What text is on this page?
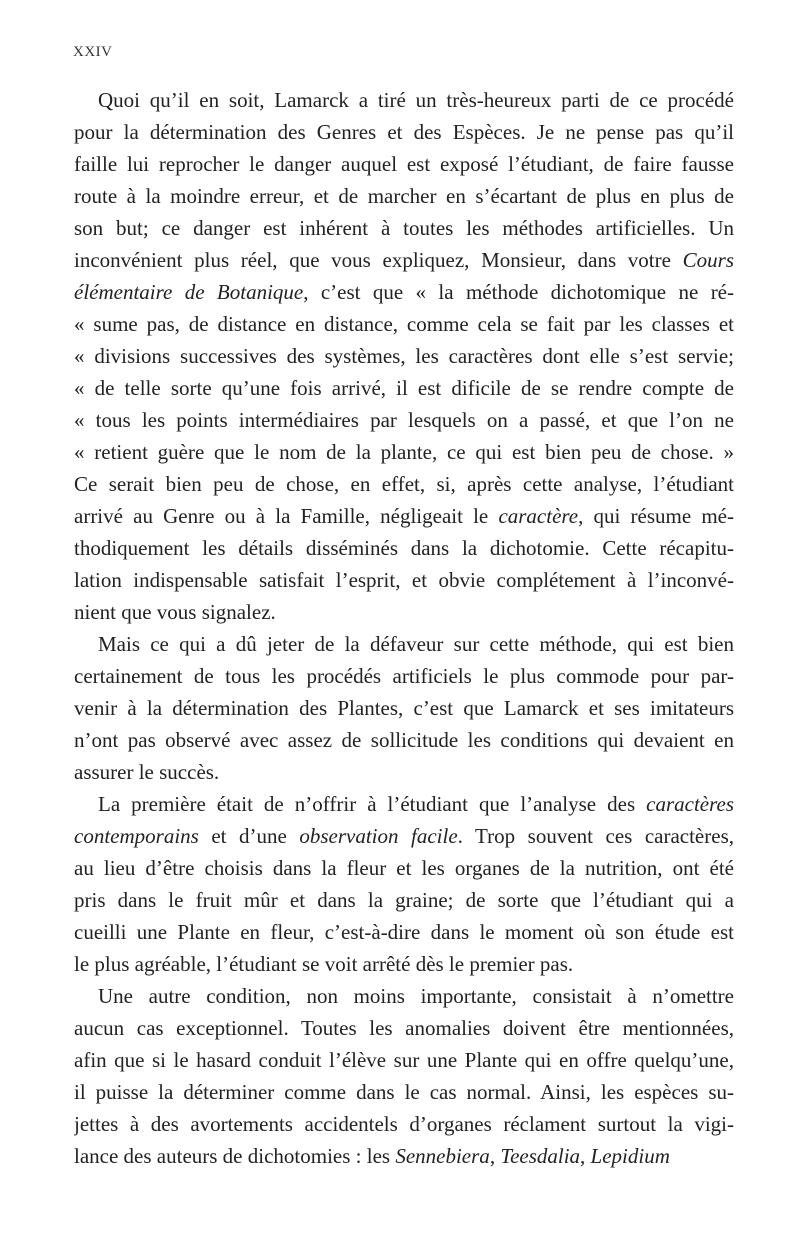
XXIV
Quoi qu’il en soit, Lamarck a tiré un très-heureux parti de ce procédé
pour la détermination des Genres et des Espèces. Je ne pense pas qu’il
faille lui reprocher le danger auquel est exposé l’étudiant, de faire fausse
route à la moindre erreur, et de marcher en s’écartant de plus en plus de
son but; ce danger est inhérent à toutes les méthodes artificielles. Un
inconvénient plus réel, que vous expliquez, Monsieur, dans votre Cours
élémentaire de Botanique, c’est que « la méthode dichotomique ne ré-
« sume pas, de distance en distance, comme cela se fait par les classes et
« divisions successives des systèmes, les caractères dont elle s’est servie;
« de telle sorte qu’une fois arrivé, il est dificile de se rendre compte de
« tous les points intermédiaires par lesquels on a passé, et que l’on ne
« retient guère que le nom de la plante, ce qui est bien peu de chose. »
Ce serait bien peu de chose, en effet, si, après cette analyse, l’étudiant
arrivé au Genre ou à la Famille, négligeait le caractère, qui résume mé-
thodiquement les détails disséminés dans la dichotomie. Cette récapitu-
lation indispensable satisfait l’esprit, et obvie complétement à l’inconvé-
nient que vous signalez.
Mais ce qui a dû jeter de la défaveur sur cette méthode, qui est bien
certainement de tous les procédés artificiels le plus commode pour par-
venir à la détermination des Plantes, c’est que Lamarck et ses imitateurs
n’ont pas observé avec assez de sollicitude les conditions qui devaient en
assurer le succès.
La première était de n’offrir à l’étudiant que l’analyse des caractères
contemporains et d’une observation facile. Trop souvent ces caractères,
au lieu d’être choisis dans la fleur et les organes de la nutrition, ont été
pris dans le fruit mûr et dans la graine; de sorte que l’étudiant qui a
cueilli une Plante en fleur, c’est-à-dire dans le moment où son étude est
le plus agréable, l’étudiant se voit arrêté dès le premier pas.
Une autre condition, non moins importante, consistait à n’omettre
aucun cas exceptionnel. Toutes les anomalies doivent être mentionnées,
afin que si le hasard conduit l’élève sur une Plante qui en offre quelqu’une,
il puisse la déterminer comme dans le cas normal. Ainsi, les espèces su-
jettes à des avortements accidentels d’organes réclament surtout la vigi-
lance des auteurs de dichotomies : les Sennebiera, Teesdalia, Lepidium
